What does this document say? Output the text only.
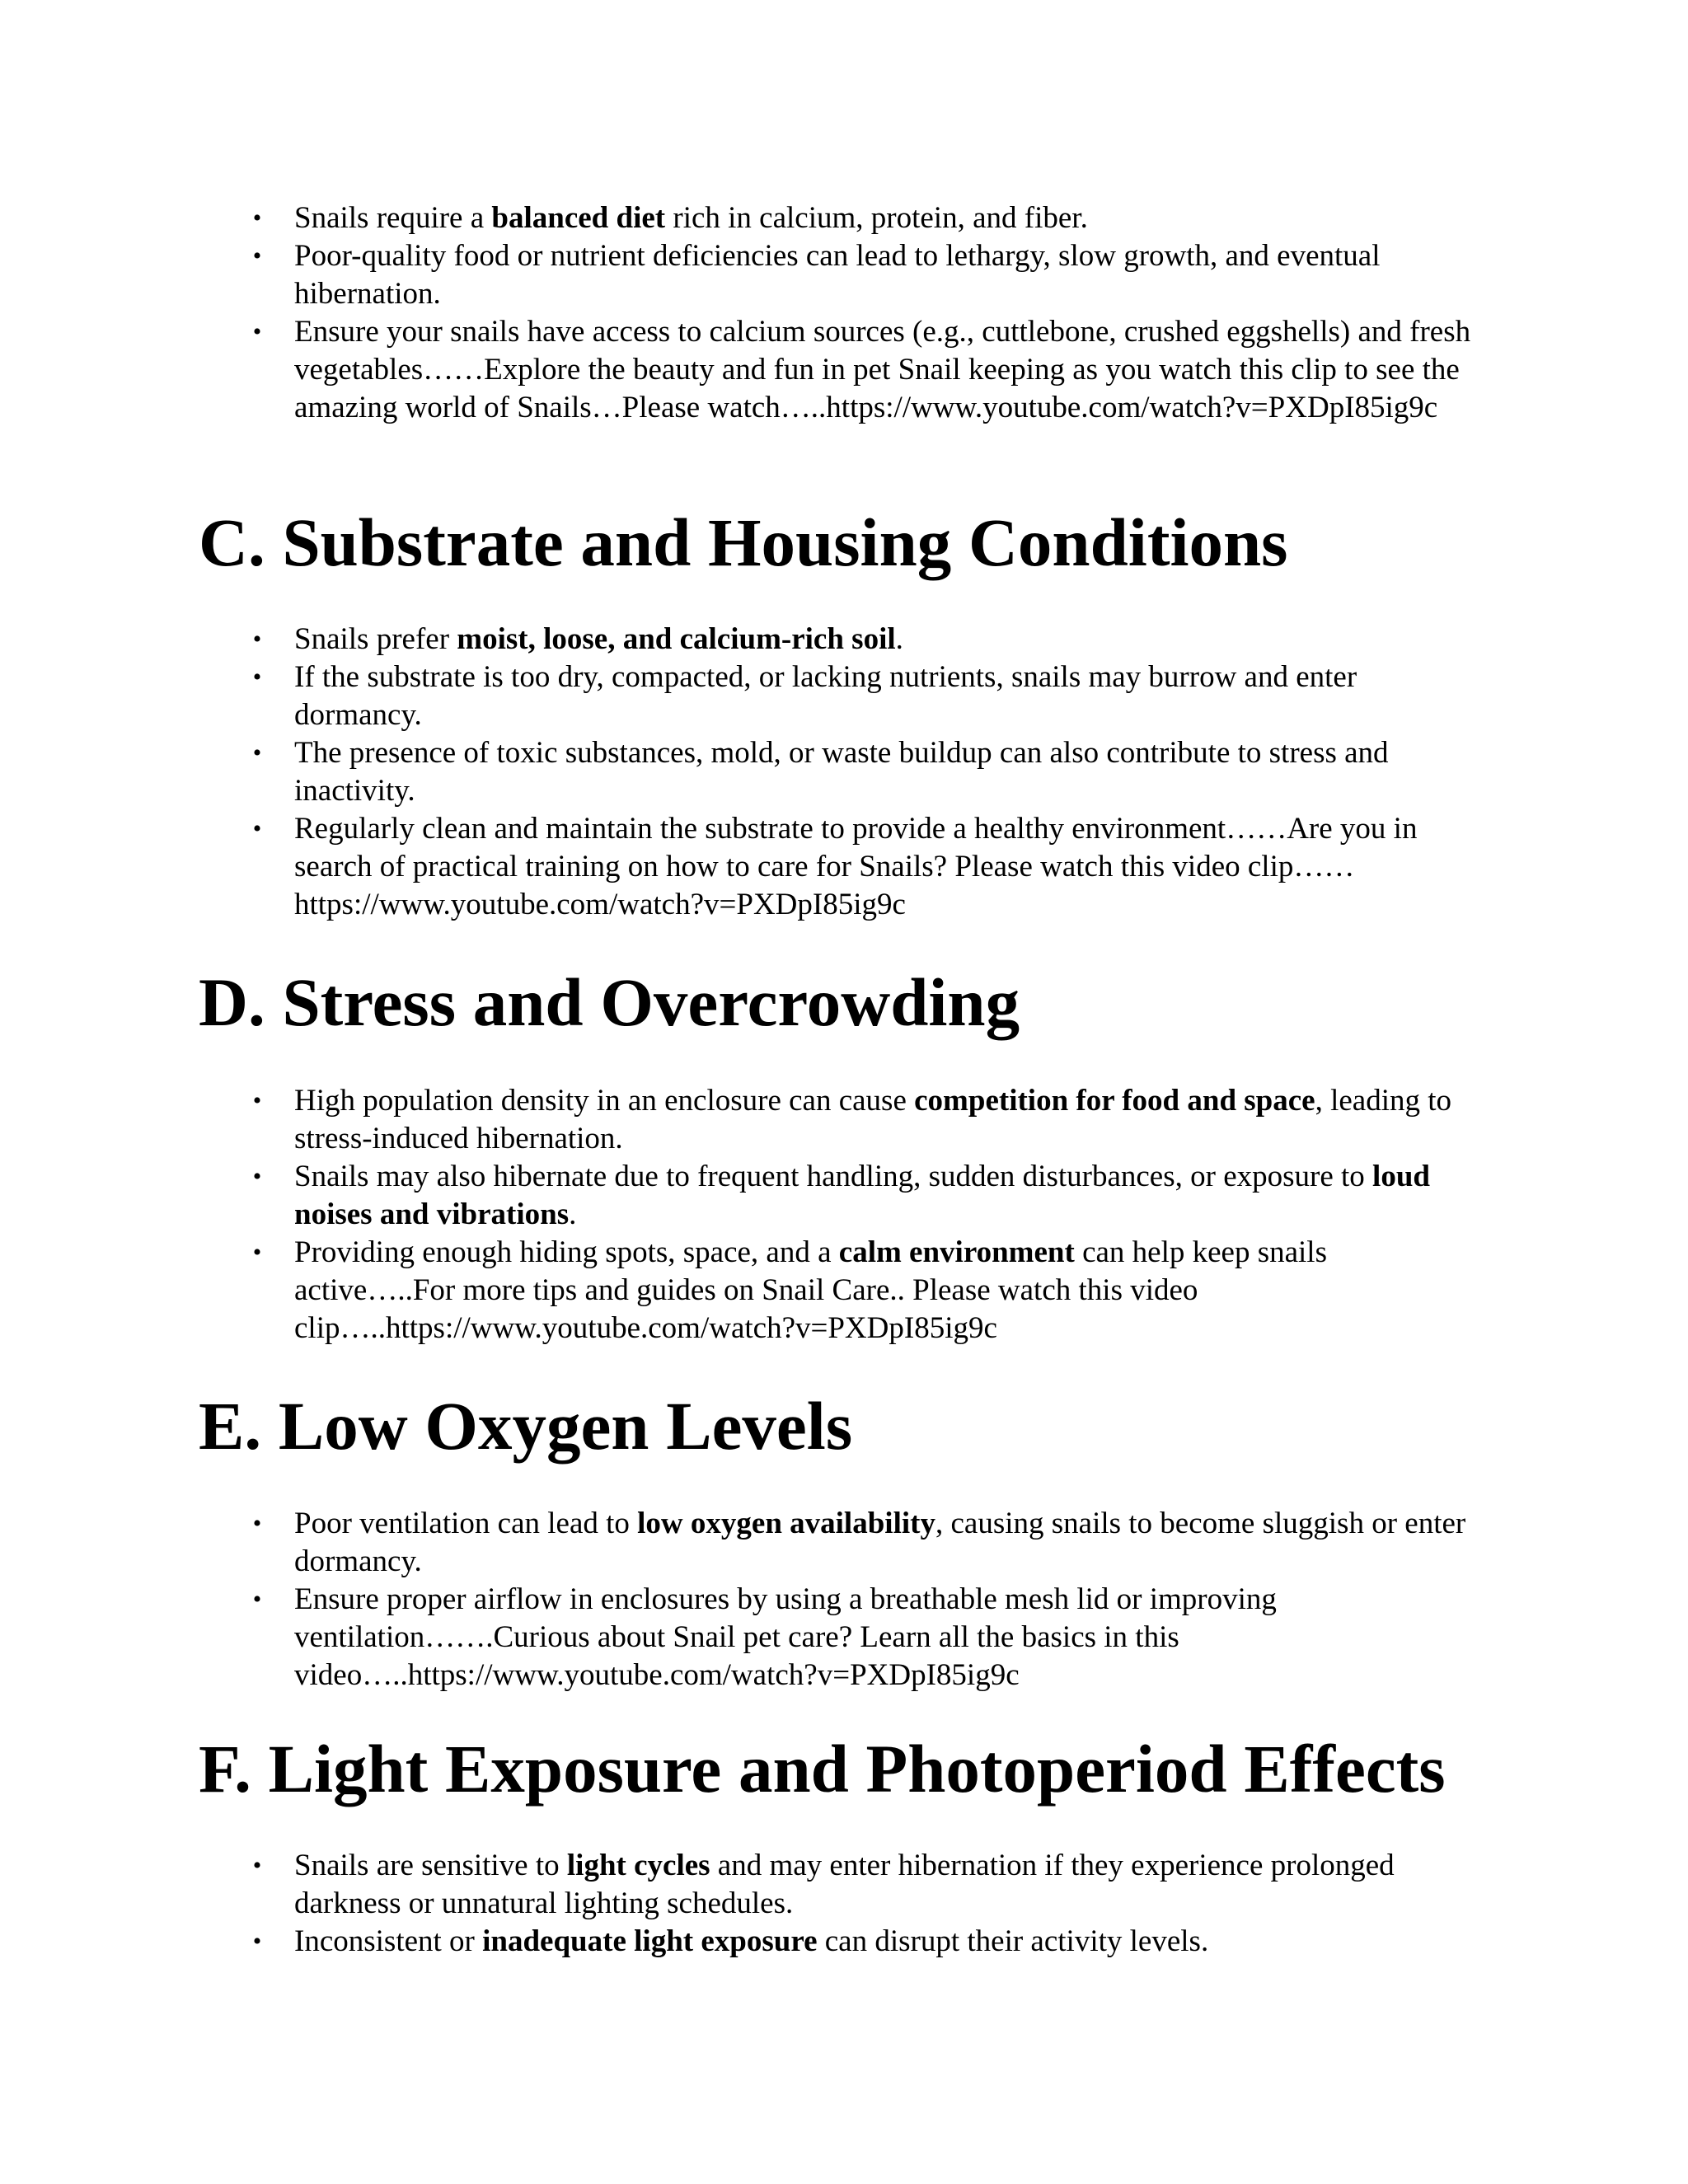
• Snails require a balanced diet rich in calcium, protein, and fiber.
• Poor-quality food or nutrient deficiencies can lead to lethargy, slow growth, and eventual hibernation.
• Ensure your snails have access to calcium sources (e.g., cuttlebone, crushed eggshells) and fresh vegetables……Explore the beauty and fun in pet Snail keeping as you watch this clip to see the amazing world of Snails…Please watch…..https://www.youtube.com/watch?v=PXDpI85ig9c
C. Substrate and Housing Conditions
• Snails prefer moist, loose, and calcium-rich soil.
• If the substrate is too dry, compacted, or lacking nutrients, snails may burrow and enter dormancy.
• The presence of toxic substances, mold, or waste buildup can also contribute to stress and inactivity.
• Regularly clean and maintain the substrate to provide a healthy environment……Are you in search of practical training on how to care for Snails? Please watch this video clip…… https://www.youtube.com/watch?v=PXDpI85ig9c
D. Stress and Overcrowding
• High population density in an enclosure can cause competition for food and space, leading to stress-induced hibernation.
• Snails may also hibernate due to frequent handling, sudden disturbances, or exposure to loud noises and vibrations.
• Providing enough hiding spots, space, and a calm environment can help keep snails active…..For more tips and guides on Snail Care.. Please watch this video clip…..https://www.youtube.com/watch?v=PXDpI85ig9c
E. Low Oxygen Levels
• Poor ventilation can lead to low oxygen availability, causing snails to become sluggish or enter dormancy.
• Ensure proper airflow in enclosures by using a breathable mesh lid or improving ventilation…….Curious about Snail pet care? Learn all the basics in this video…..https://www.youtube.com/watch?v=PXDpI85ig9c
F. Light Exposure and Photoperiod Effects
• Snails are sensitive to light cycles and may enter hibernation if they experience prolonged darkness or unnatural lighting schedules.
• Inconsistent or inadequate light exposure can disrupt their activity levels.
